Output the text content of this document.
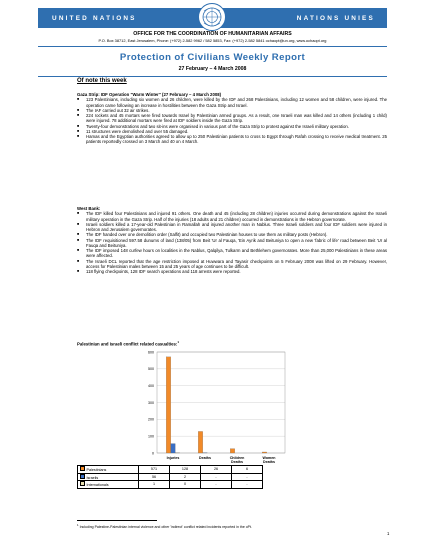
UNITED NATIONS	NATIONS UNIES
OFFICE FOR THE COORDINATION OF HUMANITARIAN AFFAIRS
P.O. Box 38712, East Jerusalem, Phone: (+972) 2-582 9962 / 582 5853, Fax: (+972) 2-582 5841 ochaopt@un.org, www.ochaopt.org
Protection of Civilians Weekly Report
27 February – 4 March 2008
Of note this week
Gaza Strip: IDF Operation "Warm Winter" (27 February – 4 March 2008)
■ 123 Palestinians, including six women and 26 children, were killed by the IDF and 268 Palestinians, including 12 women and 58 children, were injured. The operation came following an increase in hostilities between the Gaza Strip and Israel.
■ The IAF carried out 32 air strikes.
■ 224 rockets and 45 mortars were fired towards Israel by Palestinian armed groups. As a result, one Israeli man was killed and 14 others (including 1 child) were injured. 78 additional mortars were fired at IDF soldiers inside the Gaza Strip.
■ Twenty-four demonstrations and two sit-ins were organised in various part of the Gaza Strip to protest against the Israeli military operation.
■ 11 structures were demolished and over 55 damaged.
■ Hamas and the Egyptian authorities agreed to allow up to 250 Palestinian patients to cross to Egypt through Rafah crossing to receive medical treatment. 25 patients reportedly crossed on 3 March and 40 on 4 March.
West Bank:
■ The IDF killed four Palestinians and injured 91 others. One death and 45 (including 28 children) injuries occurred during demonstrations against the Israeli military operation in the Gaza Strip. Half of the injuries (18 adults and 21 children) occurred in demonstrations in the Hebron governorate.
■ Israeli soldiers killed a 17-year-old Palestinian in Ramallah and injured another man in Nablus. Three Israeli soldiers and four IDF soldiers were injured in Hebron and Jerusalem governorates.
■ The IDF handed over one demolition order (Salfit) and occupied two Palestinian houses to use them as military posts (Hebron).
■ The IDF requisitioned 597.58 dunums of land (138/05) from Beit 'Ur al Fauqa, 'Ein Ayrik and Beituniya to open a new 'fabric of life' road between Beit 'Ur al Fauqa and Beituniya.
■ The IDF imposed 148 curfew hours on localities in the Nablus, Qalqilya, Tulkarm and Bethlehem governorates. More than 25,000 Palestinians in these areas were affected.
■ The Israeli DCL reported that the age restriction imposed at Huwwara and Tayasir checkpoints on 5 February 2008 was lifted on 29 February. However, access for Palestinian males between 15 and 25 years of age continues to be difficult.
■ 118 flying checkpoints, 128 IDF search operations and 118 arrests were reported.
Palestinian and Israeli conflict related casualties:$^1$
0
100
200
300
400
500
600
Injuries	Deaths	Children
Deaths
Women
Deaths
Palestinians	571	128	26	6
Israelis	56	2	-	-
Internationals	1	0	-	-
$^1$ Including Palestine-Palestinian internal violence and other 'indirect' conflict related incidents reported in the oPt.
1
